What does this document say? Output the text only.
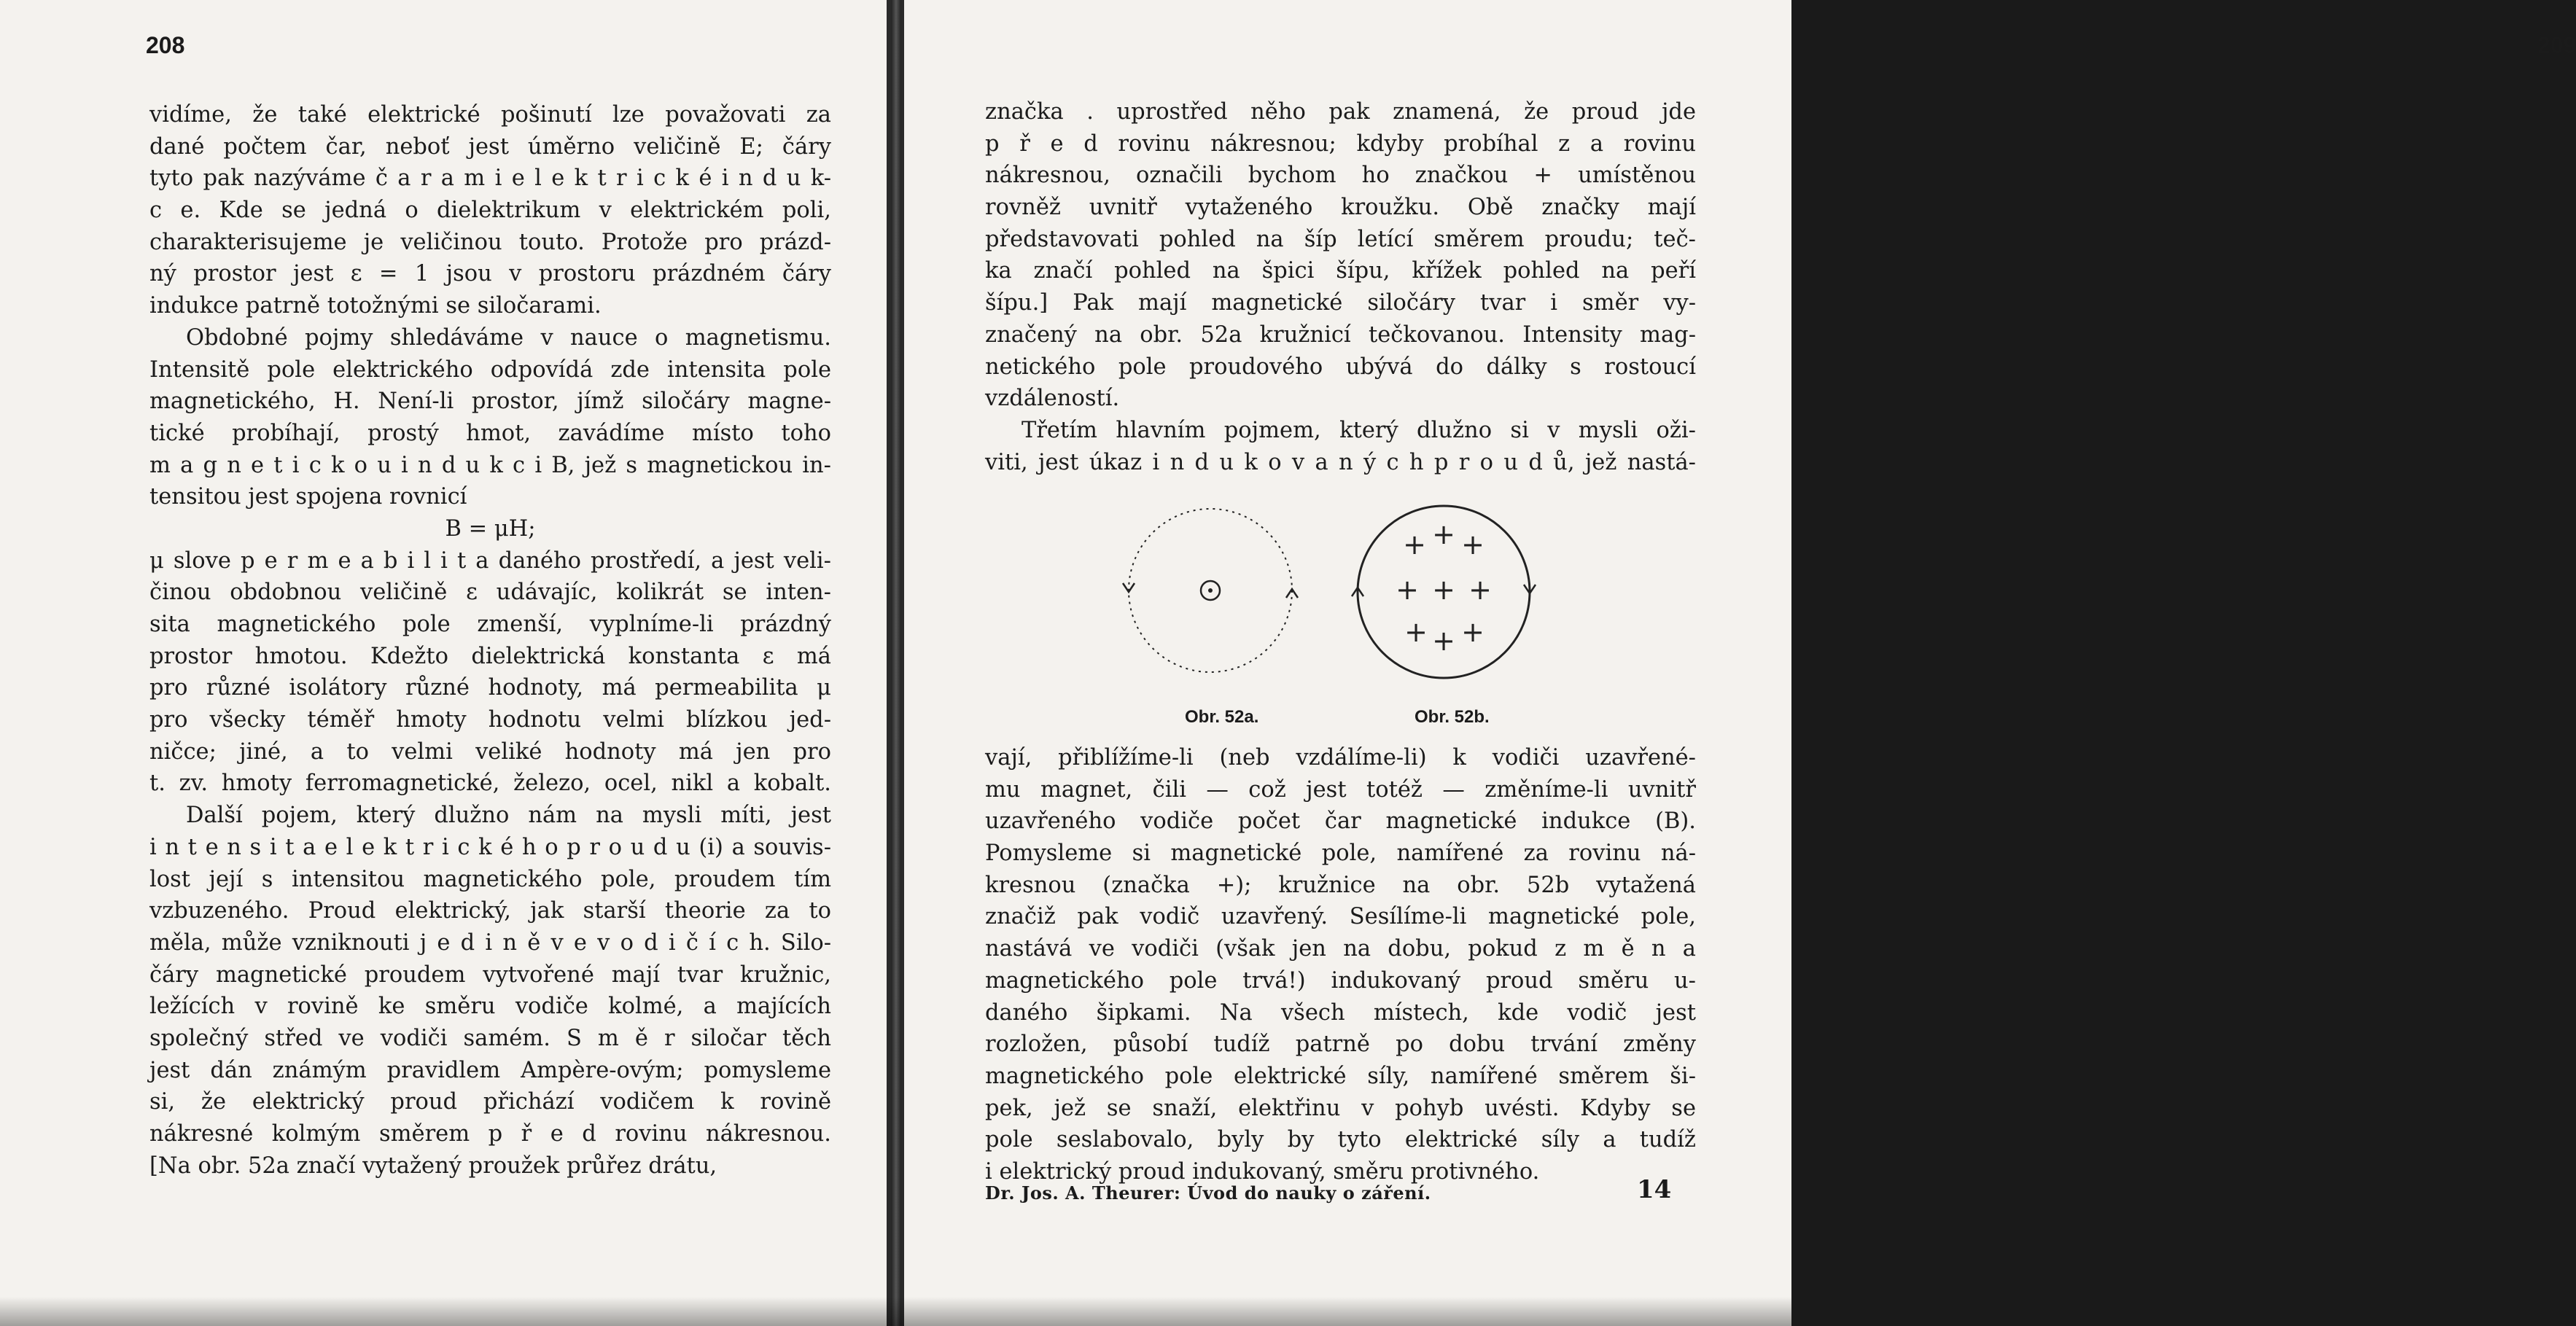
208
vidíme, že také elektrické pošinutí lze považovati za
dané počtem čar, neboť jest úměrno veličině E; čáry
tyto pak nazýváme č a r a m i e l e k t r i c k é i n d u k-
c e. Kde se jedná o dielektrikum v elektrickém poli,
charakterisujeme je veličinou touto. Protože pro prázd-
ný prostor jest ε = 1 jsou v prostoru prázdném čáry
indukce patrně totožnými se siločarami.
Obdobné pojmy shledáváme v nauce o magnetismu.
Intensitě pole elektrického odpovídá zde intensita pole
magnetického, H. Není-li prostor, jímž siločáry magne-
tické probíhají, prostý hmot, zavádíme místo toho
m a g n e t i c k o u i n d u k c i B, jež s magnetickou in-
tensitou jest spojena rovnicí
B = μH;
μ slove p e r m e a b i l i t a daného prostředí, a jest veli-
činou obdobnou veličině ε udávajíc, kolikrát se inten-
sita magnetického pole zmenší, vyplníme-li prázdný
prostor hmotou. Kdežto dielektrická konstanta ε má
pro různé isolátory různé hodnoty, má permeabilita μ
pro všecky téměř hmoty hodnotu velmi blízkou jed-
ničce; jiné, a to velmi veliké hodnoty má jen pro
t. zv. hmoty ferromagnetické, železo, ocel, nikl a kobalt.
Další pojem, který dlužno nám na mysli míti, jest
i n t e n s i t a e l e k t r i c k é h o p r o u d u (i) a souvis-
lost její s intensitou magnetického pole, proudem tím
vzbuzeného. Proud elektrický, jak starší theorie za to
měla, může vzniknouti j e d i n ě v e v o d i č í c h. Silo-
čáry magnetické proudem vytvořené mají tvar kružnic,
ležících v rovině ke směru vodiče kolmé, a majících
společný střed ve vodiči samém. S m ě r siločar těch
jest dán známým pravidlem Ampère-ovým; pomysleme
si, že elektrický proud přichází vodičem k rovině
nákresné kolmým směrem p ř e d rovinu nákresnou.
[Na obr. 52a značí vytažený proužek průřez drátu,
209
značka . uprostřed něho pak znamená, že proud jde
p ř e d rovinu nákresnou; kdyby probíhal z a rovinu
nákresnou, označili bychom ho značkou + umístěnou
rovněž uvnitř vytaženého kroužku. Obě značky mají
představovati pohled na šíp letící směrem proudu; teč-
ka značí pohled na špici šípu, křížek pohled na peří
šípu.] Pak mají magnetické siločáry tvar i směr vy-
značený na obr. 52a kružnicí tečkovanou. Intensity mag-
netického pole proudového ubývá do dálky s rostoucí
vzdáleností.
Třetím hlavním pojmem, který dlužno si v mysli oži-
viti, jest úkaz i n d u k o v a n ý c h p r o u d ů, jež nastá-
+ + +
+ + +
+ + +
Obr. 52a.	Obr. 52b.
vají, přiblížíme-li (neb vzdálíme-li) k vodiči uzavřené-
mu magnet, čili — což jest totéž — změníme-li uvnitř
uzavřeného vodiče počet čar magnetické indukce (B).
Pomysleme si magnetické pole, namířené za rovinu ná-
kresnou (značka +); kružnice na obr. 52b vytažená
značiž pak vodič uzavřený. Sesílíme-li magnetické pole,
nastává ve vodiči (však jen na dobu, pokud z m ě n a
magnetického pole trvá!) indukovaný proud směru u-
daného šipkami. Na všech místech, kde vodič jest
rozložen, působí tudíž patrně po dobu trvání změny
magnetického pole elektrické síly, namířené směrem ši-
pek, jež se snaží, elektřinu v pohyb uvésti. Kdyby se
pole seslabovalo, byly by tyto elektrické síly a tudíž
i elektrický proud indukovaný, směru protivného.
Dr. Jos. A. Theurer: Úvod do nauky o záření.	14
